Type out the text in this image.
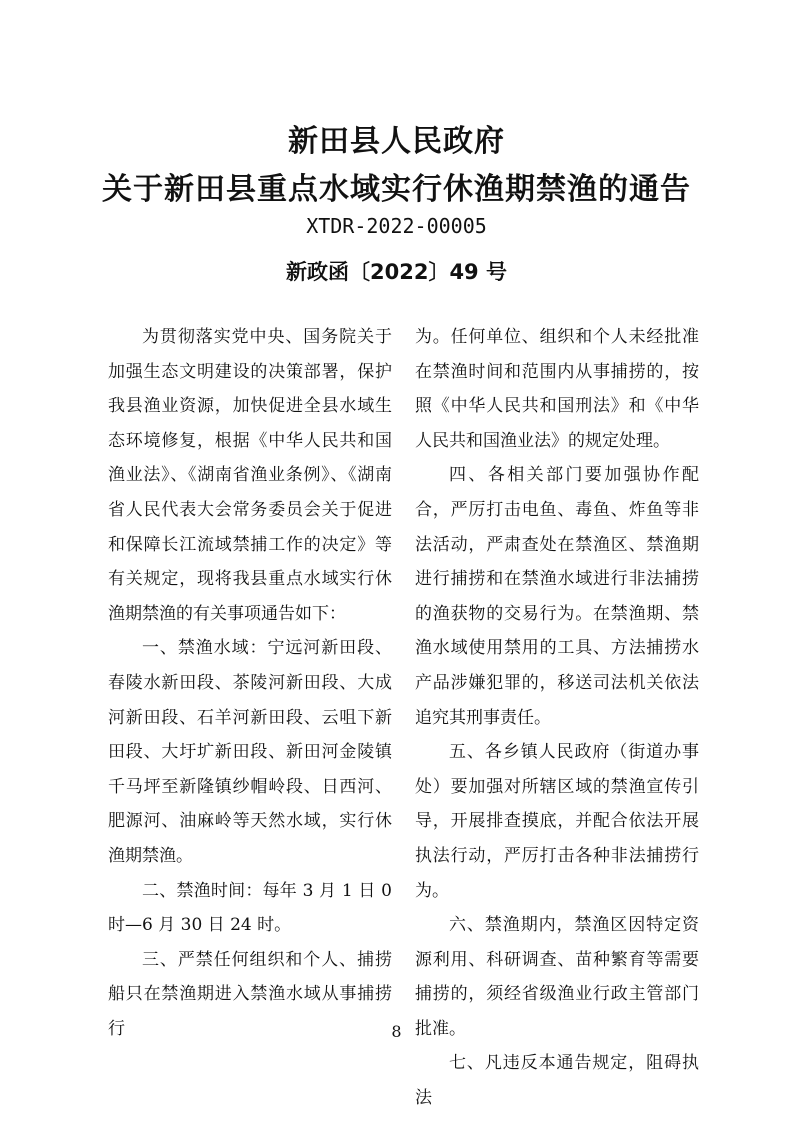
新田县人民政府
关于新田县重点水域实行休渔期禁渔的通告
XTDR-2022-00005
新政函〔2022〕49 号

为贯彻落实党中央、国务院关于加强生态文明建设的决策部署，保护我县渔业资源，加快促进全县水域生态环境修复，根据《中华人民共和国渔业法》、《湖南省渔业条例》、《湖南省人民代表大会常务委员会关于促进和保障长江流域禁捕工作的决定》等有关规定，现将我县重点水域实行休渔期禁渔的有关事项通告如下：

一、禁渔水域：宁远河新田段、春陵水新田段、茶陵河新田段、大成河新田段、石羊河新田段、云咀下新田段、大圩圹新田段、新田河金陵镇千马坪至新隆镇纱帽岭段、日西河、肥源河、油麻岭等天然水域，实行休渔期禁渔。

二、禁渔时间：每年 3 月 1 日 0 时—6 月 30 日 24 时。

三、严禁任何组织和个人、捕捞船只在禁渔期进入禁渔水域从事捕捞行

为。任何单位、组织和个人未经批准在禁渔时间和范围内从事捕捞的，按照《中华人民共和国刑法》和《中华人民共和国渔业法》的规定处理。

四、各相关部门要加强协作配合，严厉打击电鱼、毒鱼、炸鱼等非法活动，严肃查处在禁渔区、禁渔期进行捕捞和在禁渔水域进行非法捕捞的渔获物的交易行为。在禁渔期、禁渔水域使用禁用的工具、方法捕捞水产品涉嫌犯罪的，移送司法机关依法追究其刑事责任。

五、各乡镇人民政府（街道办事处）要加强对所辖区域的禁渔宣传引导，开展排查摸底，并配合依法开展执法行动，严厉打击各种非法捕捞行为。

六、禁渔期内，禁渔区因特定资源利用、科研调查、苗种繁育等需要捕捞的，须经省级渔业行政主管部门批准。

七、凡违反本通告规定，阻碍执法

8
